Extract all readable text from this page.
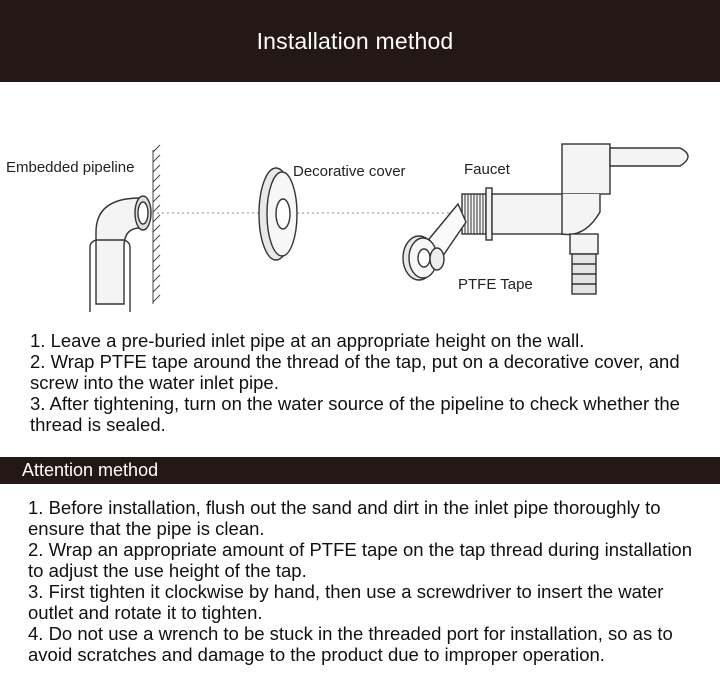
Installation method
Embedded pipeline	Decorative cover	Faucet
PTFE Tape

1. Leave a pre-buried inlet pipe at an appropriate height on the wall.

2. Wrap PTFE tape around the thread of the tap, put on a decorative cover, and screw into the water inlet pipe.

3. After tightening, turn on the water source of the pipeline to check whether the thread is sealed.

Attention method

1. Before installation, flush out the sand and dirt in the inlet pipe thoroughly to ensure that the pipe is clean.

2. Wrap an appropriate amount of PTFE tape on the tap thread during installation to adjust the use height of the tap.

3. First tighten it clockwise by hand, then use a screwdriver to insert the water outlet and rotate it to tighten.

4. Do not use a wrench to be stuck in the threaded port for installation, so as to avoid scratches and damage to the product due to improper operation.
